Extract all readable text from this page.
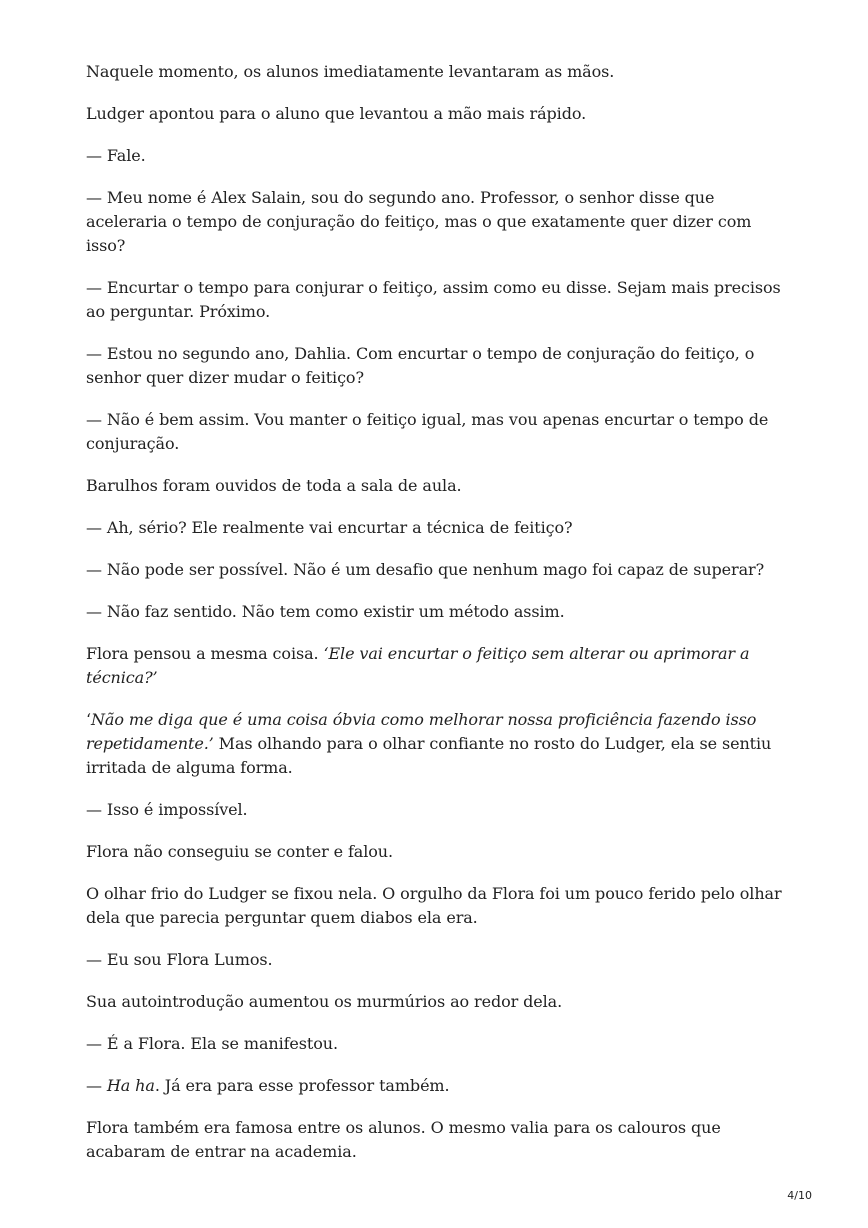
Naquele momento, os alunos imediatamente levantaram as mãos.

Ludger apontou para o aluno que levantou a mão mais rápido.

— Fale.

— Meu nome é Alex Salain, sou do segundo ano. Professor, o senhor disse que aceleraria o tempo de conjuração do feitiço, mas o que exatamente quer dizer com isso?

— Encurtar o tempo para conjurar o feitiço, assim como eu disse. Sejam mais precisos ao perguntar. Próximo.

— Estou no segundo ano, Dahlia. Com encurtar o tempo de conjuração do feitiço, o senhor quer dizer mudar o feitiço?

— Não é bem assim. Vou manter o feitiço igual, mas vou apenas encurtar o tempo de conjuração.

Barulhos foram ouvidos de toda a sala de aula.

— Ah, sério? Ele realmente vai encurtar a técnica de feitiço?

— Não pode ser possível. Não é um desafio que nenhum mago foi capaz de superar?

— Não faz sentido. Não tem como existir um método assim.

Flora pensou a mesma coisa. ‘Ele vai encurtar o feitiço sem alterar ou aprimorar a técnica?’

‘Não me diga que é uma coisa óbvia como melhorar nossa proficiência fazendo isso repetidamente.’ Mas olhando para o olhar confiante no rosto do Ludger, ela se sentiu irritada de alguma forma.

— Isso é impossível.

Flora não conseguiu se conter e falou.

O olhar frio do Ludger se fixou nela. O orgulho da Flora foi um pouco ferido pelo olhar dela que parecia perguntar quem diabos ela era.

— Eu sou Flora Lumos.

Sua autointrodução aumentou os murmúrios ao redor dela.

— É a Flora. Ela se manifestou.

— Ha ha. Já era para esse professor também.

Flora também era famosa entre os alunos. O mesmo valia para os calouros que acabaram de entrar na academia.

4/10
